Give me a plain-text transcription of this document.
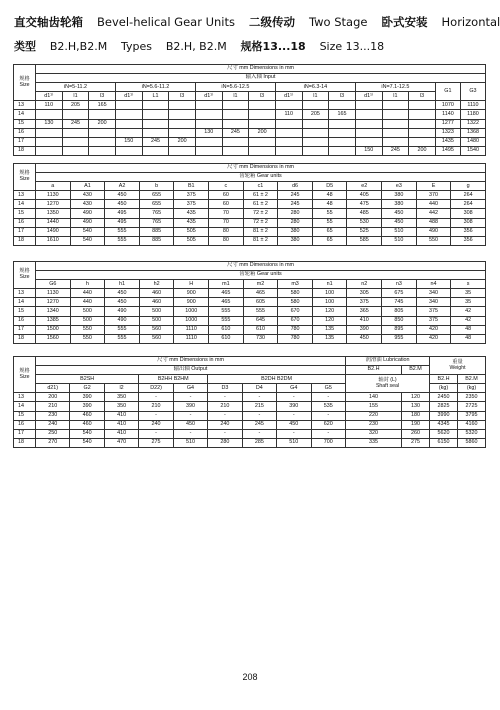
直交轴齿轮箱 Bevel-helical Gear Units 二级传动 Two Stage 卧式安装 Horizontal
类型 B2.H,B2.M Types B2.H, B2.M 规格13...18 Size 13...18
规格
Size	尺寸 mm Dimensions in mm																
	输入轴 Input																
	iN=5-11.2			iN=5.6-11.2			iN=5.6-12.5			iN=6.3-14			iN=7.1-12.5			G1	G3
	d1¹⁾	l1	l3	d1¹⁾	L1	l3	d1¹⁾	l1	l3	d1¹⁾	l1	l3	d1¹⁾	l1	l3		
13	110	205	165													1070	1110
14										110	205	165				1140	1180
15	130	245	200													1277	1322
16							130	245	200							1323	1368
17				150	245	200										1435	1480
18													150	245	200	1495	1540
规格
Size	尺寸 mm Dimensions in mm												
	齿轮箱 Gear units												
	a	A1	A2	b	B1	c	c1	d6	D5	e2	e3	E	g
13	1130	430	450	655	375	60	61 ± 2	245	48	405	380	370	264
14	1270	430	450	655	375	60	61 ± 2	245	48	475	380	440	264
15	1350	490	495	765	435	70	72 ± 2	280	55	485	450	442	308
16	1440	490	495	765	435	70	72 ± 2	280	55	530	450	488	308
17	1490	540	555	885	505	80	81 ± 2	380	65	525	510	490	356
18	1610	540	555	885	505	80	81 ± 2	380	65	585	510	550	356
规格
Size	尺寸 mm Dimensions in mm												
	齿轮箱 Gear units												
	G6	h	h1	h2	H	m1	m2	m3	n1	n2	n3	n4	s
13	1130	440	450	460	900	465	465	580	100	305	675	340	35
14	1270	440	450	460	900	465	605	580	100	375	745	340	35
15	1340	500	490	500	1000	555	555	670	120	365	805	375	42
16	1385	500	490	500	1000	555	645	670	120	410	850	375	42
17	1500	550	555	560	1110	610	610	780	135	390	895	420	48
18	1560	550	555	560	1110	610	730	780	135	450	955	420	48
规格
Size	尺寸 mm Dimensions in mm									润滑油 Lubrication		重量
Weight	
	输出轴 Output									B2.H	B2.M		
	B2SH			B2HH B2HM		B2DH B2DM				轴封 (L)
Shaft seal		B2.H	B2.M
	d21)	G2	l2	D22)	G4	D3	D4	G4	G5			(kg)	(kg)
13	200	390	350	-	-	-	-	-	-	140	120	2450	2350
14	210	390	350	210	390	210	215	390	535	155	130	2825	2725
15	230	460	410	-	-	-	-	-	-	220	180	3990	3795
16	240	460	410	240	450	240	245	450	620	230	190	4345	4160
17	250	540	410	-	-	-	-	-	-	320	260	5620	5320
18	270	540	470	275	510	280	285	510	700	335	275	6150	5860
208
